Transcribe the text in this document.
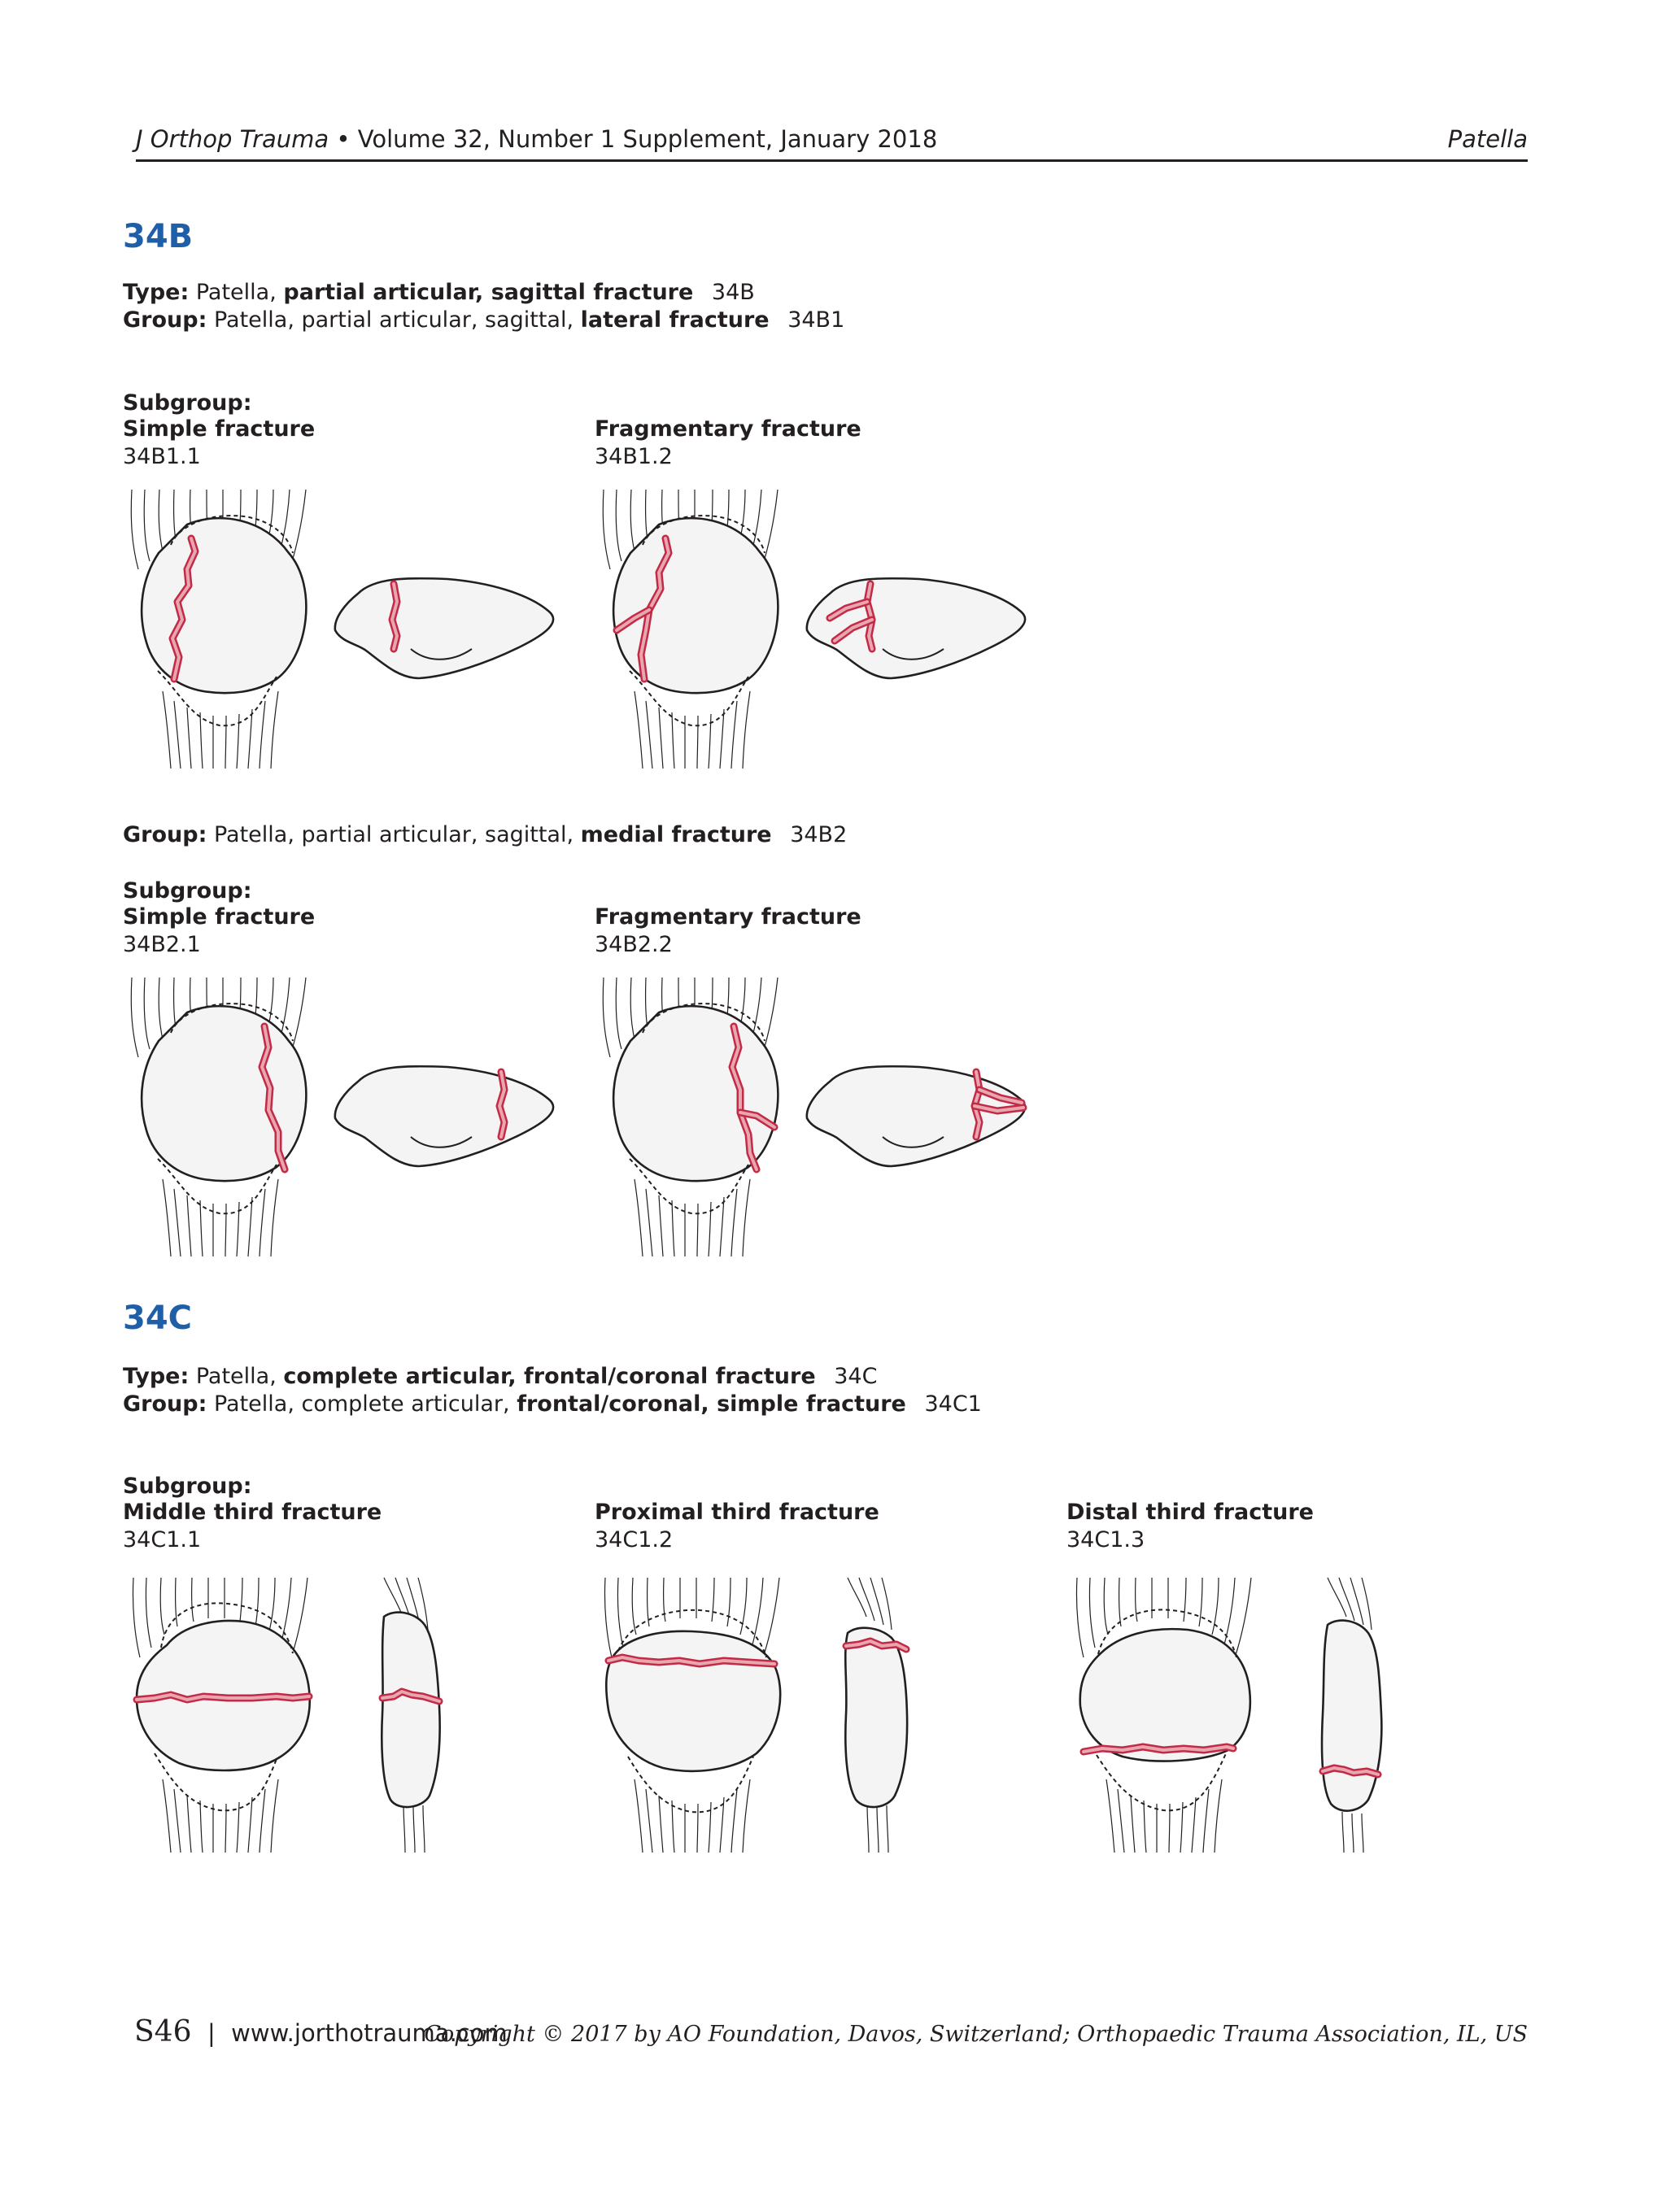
J Orthop Trauma • Volume 32, Number 1 Supplement, January 2018	Patella
34B
Type: Patella, partial articular, sagittal fracture 34B
Group: Patella, partial articular, sagittal, lateral fracture 34B1
Subgroup:
Simple fracture
34B1.1
Fragmentary fracture
34B1.2
Group: Patella, partial articular, sagittal, medial fracture 34B2
Subgroup:
Simple fracture
34B2.1
Fragmentary fracture
34B2.2
34C
Type: Patella, complete articular, frontal/coronal fracture 34C
Group: Patella, complete articular, frontal/coronal, simple fracture 34C1
Subgroup:
Middle third fracture
34C1.1
Proximal third fracture
34C1.2
Distal third fracture
34C1.3
S46 | www.jorthotrauma.com
Copyright © 2017 by AO Foundation, Davos, Switzerland; Orthopaedic Trauma Association, IL, US
